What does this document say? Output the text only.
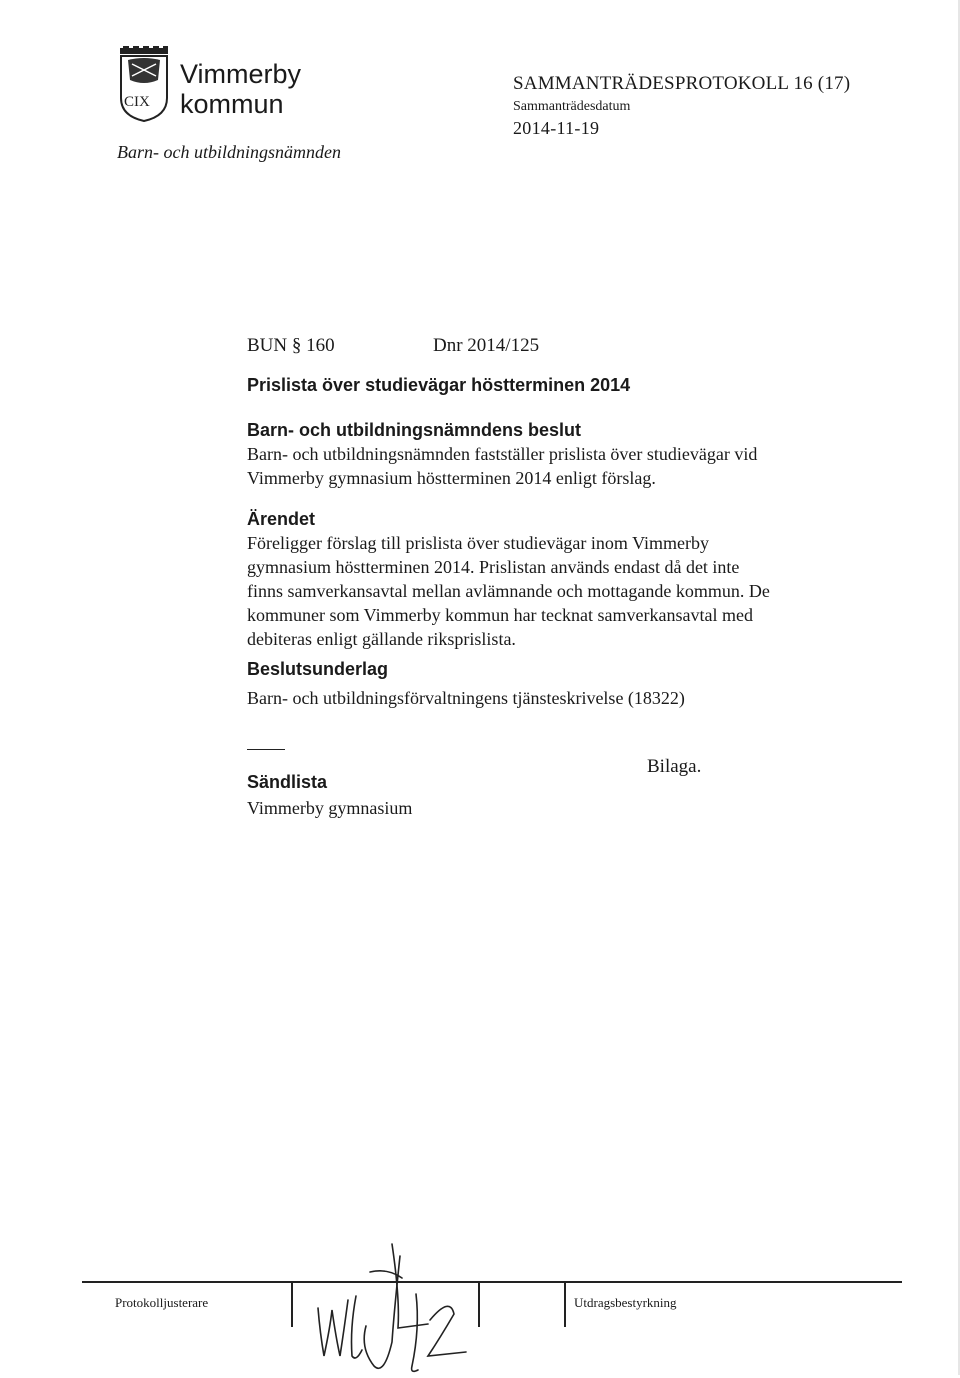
CIX
Vimmerby
kommun
Barn- och utbildningsnämnden
SAMMANTRÄDESPROTOKOLL 16 (17)
Sammanträdesdatum
2014-11-19
BUN § 160	Dnr 2014/125
Prislista över studievägar höstterminen 2014
Barn- och utbildningsnämndens beslut
Barn- och utbildningsnämnden fastställer prislista över studievägar vid
Vimmerby gymnasium höstterminen 2014 enligt förslag.
Ärendet
Föreligger förslag till prislista över studievägar inom Vimmerby
gymnasium höstterminen 2014. Prislistan används endast då det inte
finns samverkansavtal mellan avlämnande och mottagande kommun. De
kommuner som Vimmerby kommun har tecknat samverkansavtal med
debiteras enligt gällande riksprislista.
Beslutsunderlag
Barn- och utbildningsförvaltningens tjänsteskrivelse (18322)
Bilaga.
Sändlista
Vimmerby gymnasium
Protokolljusterare	Utdragsbestyrkning
